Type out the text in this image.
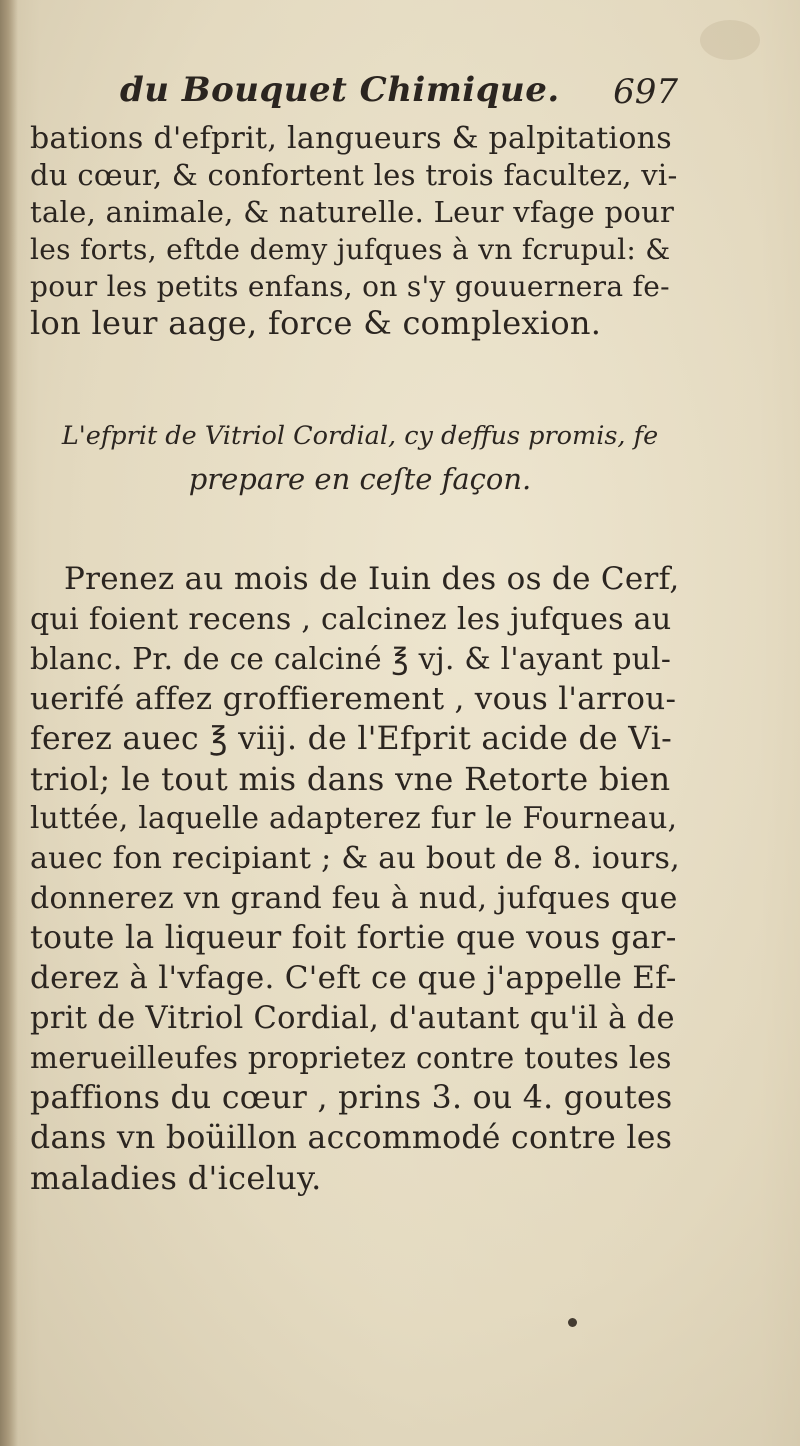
du Bouquet Chimique. 697
bations d'efprit, langueurs & palpitations
du cœur, & confortent les trois facultez, vi-
tale, animale, & naturelle. Leur vfage pour
les forts, eftde demy jufques à vn fcrupul: &
pour les petits enfans, on s'y gouuernera fe-
lon leur aage, force & complexion.
L'efprit de Vitriol Cordial, cy deffus promis, fe
prepare en ceſte façon.
Prenez au mois de Iuin des os de Cerf,
qui foient recens , calcinez les jufques au
blanc. Pr. de ce calciné ℥ vj. & l'ayant pul-
uerifé affez groffierement , vous l'arrou-
ferez auec ℥ viij. de l'Efprit acide de Vi-
triol; le tout mis dans vne Retorte bien
luttée, laquelle adapterez fur le Fourneau,
auec fon recipiant ; & au bout de 8. iours,
donnerez vn grand feu à nud, jufques que
toute la liqueur foit fortie que vous gar-
derez à l'vfage. C'eft ce que j'appelle Ef-
prit de Vitriol Cordial, d'autant qu'il à de
merueilleufes proprietez contre toutes les
paffions du cœur , prins 3. ou 4. goutes
dans vn boüillon accommodé contre les
maladies d'iceluy.
